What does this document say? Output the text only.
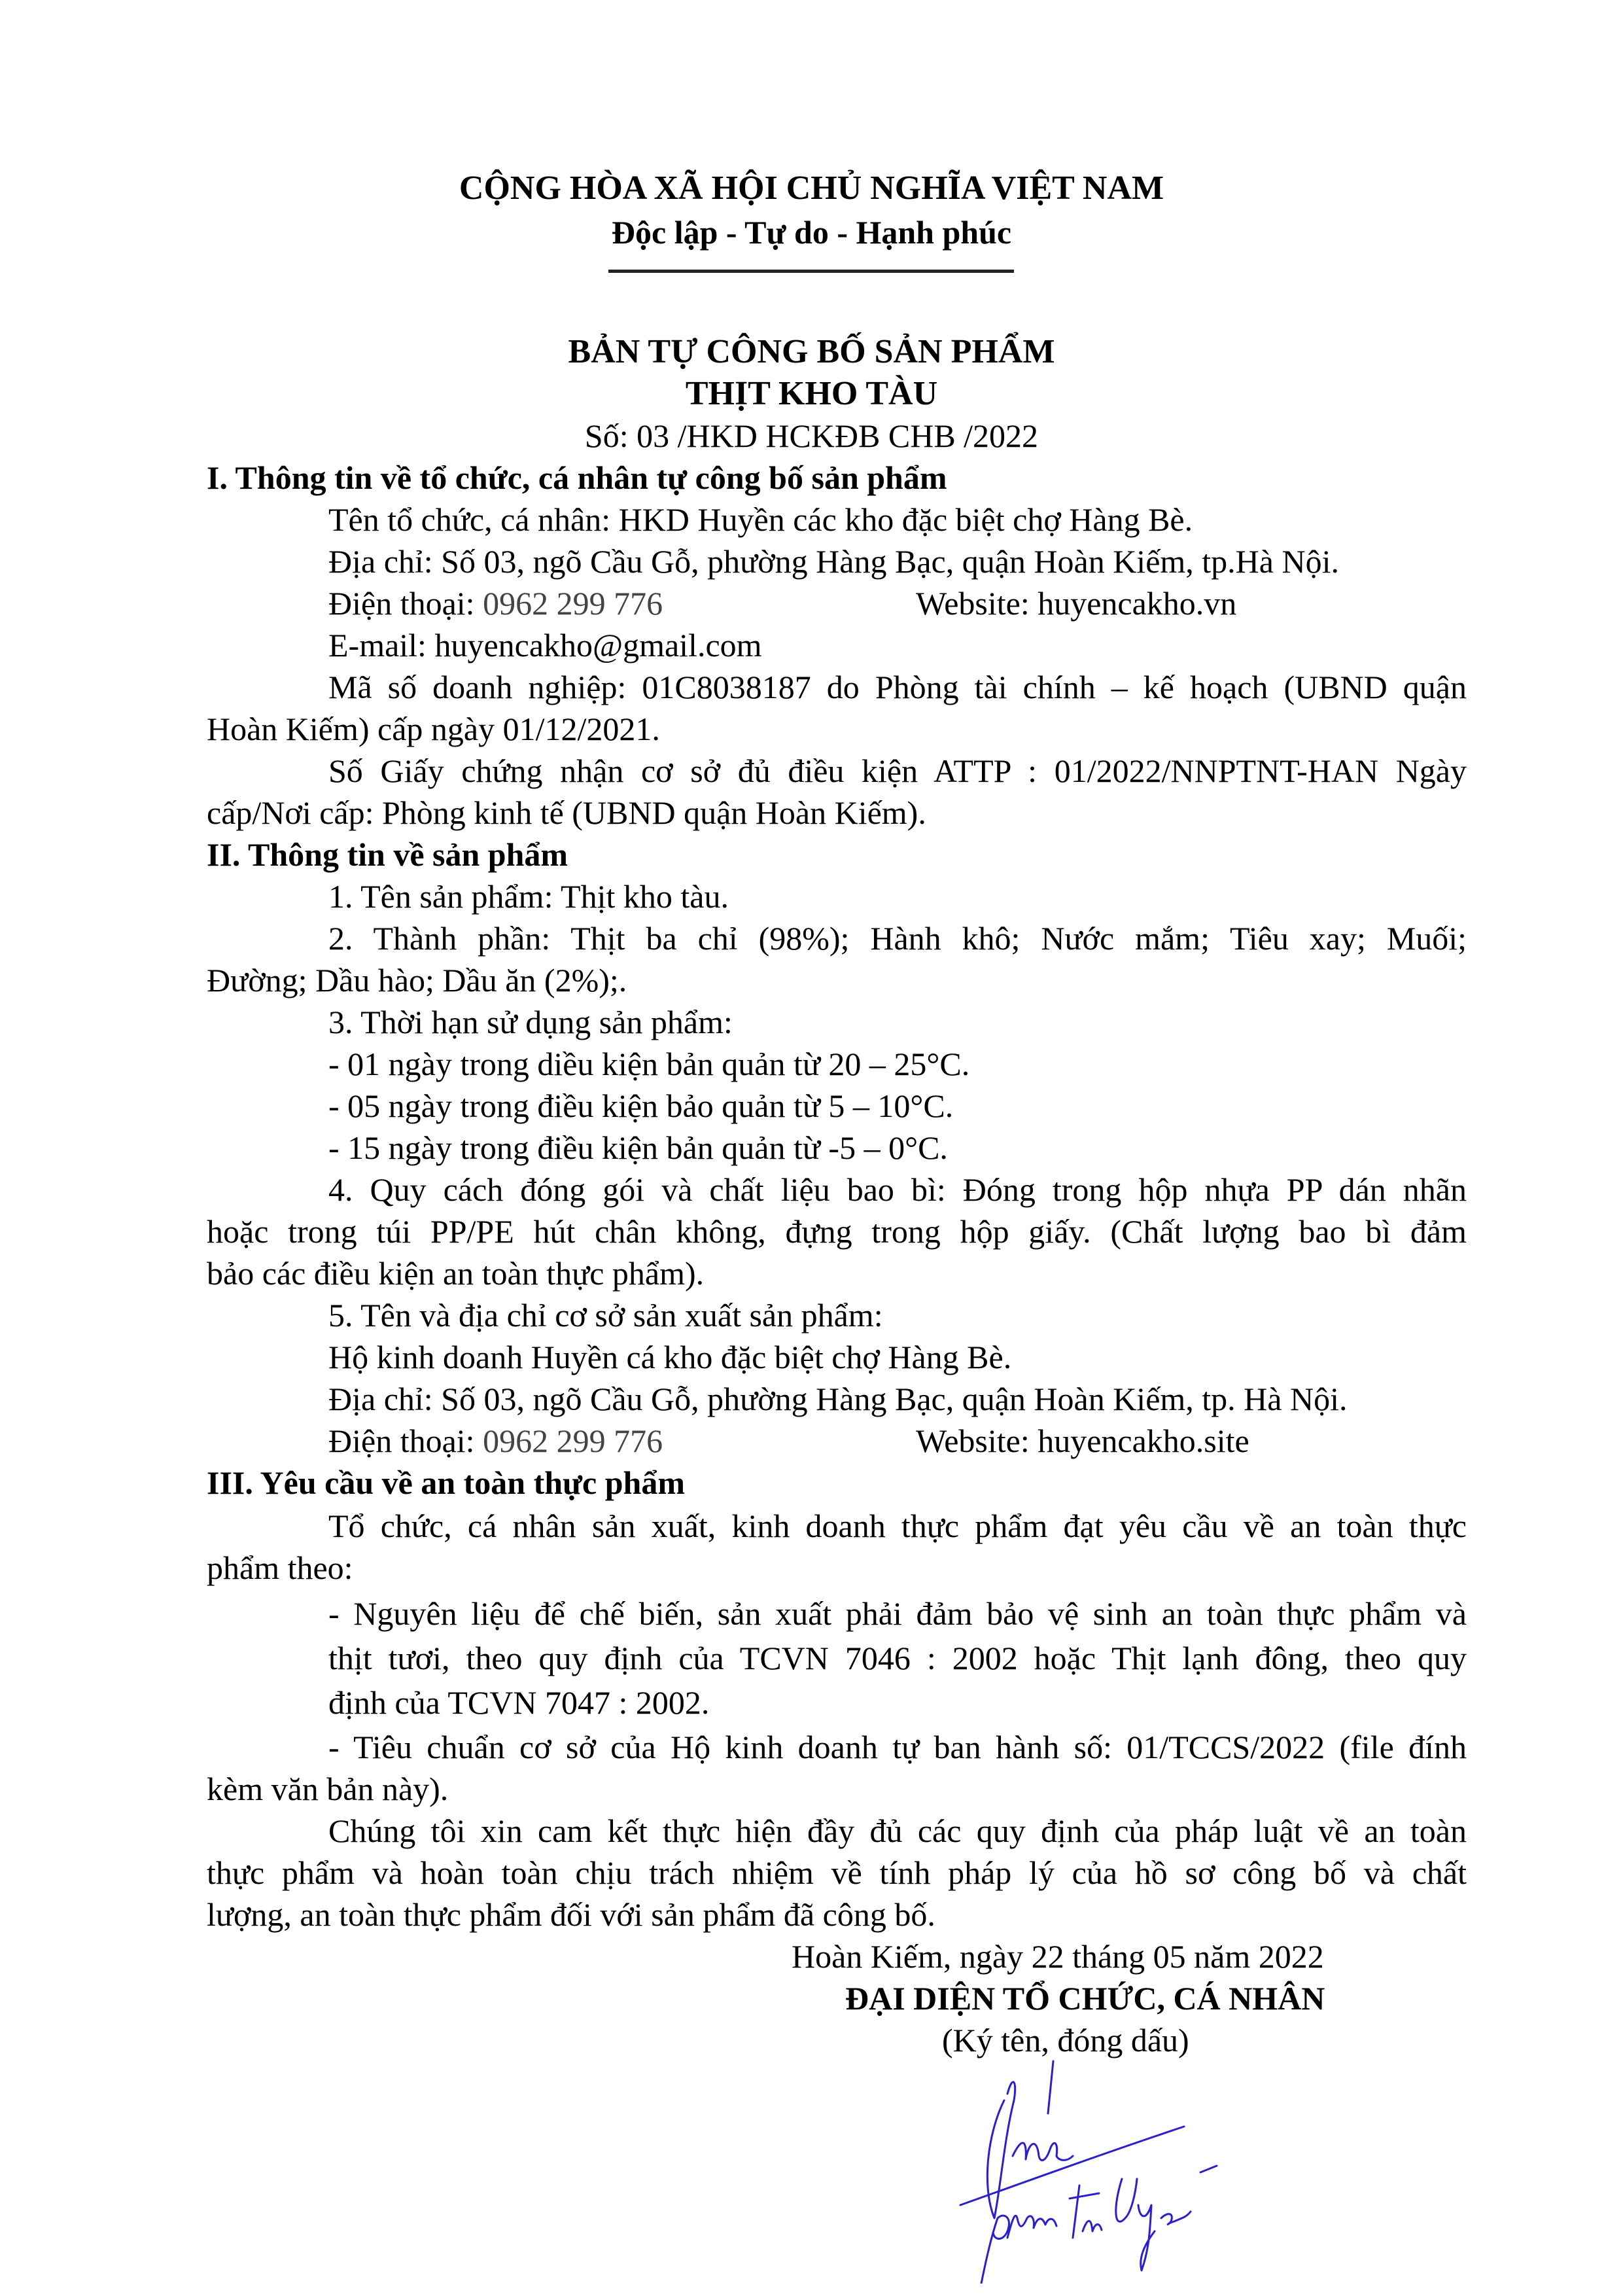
CỘNG HÒA XÃ HỘI CHỦ NGHĨA VIỆT NAM
Độc lập - Tự do - Hạnh phúc
BẢN TỰ CÔNG BỐ SẢN PHẨM
THỊT KHO TÀU
Số: 03 /HKD HCKĐB CHB /2022
I. Thông tin về tổ chức, cá nhân tự công bố sản phẩm
Tên tổ chức, cá nhân: HKD Huyền các kho đặc biệt chợ Hàng Bè.
Địa chỉ: Số 03, ngõ Cầu Gỗ, phường Hàng Bạc, quận Hoàn Kiếm, tp.Hà Nội.
Điện thoại: 0962 299 776	Website: huyencakho.vn
E-mail: huyencakho@gmail.com
Mã số doanh nghiệp: 01C8038187 do Phòng tài chính – kế hoạch (UBND quận
Hoàn Kiếm) cấp ngày 01/12/2021.
Số Giấy chứng nhận cơ sở đủ điều kiện ATTP : 01/2022/NNPTNT-HAN Ngày
cấp/Nơi cấp: Phòng kinh tế (UBND quận Hoàn Kiếm).
II. Thông tin về sản phẩm
1. Tên sản phẩm: Thịt kho tàu.
2. Thành phần: Thịt ba chỉ (98%); Hành khô; Nước mắm; Tiêu xay; Muối;
Đường; Dầu hào; Dầu ăn (2%);.
3. Thời hạn sử dụng sản phẩm:
- 01 ngày trong diều kiện bản quản từ 20 – 25°C.
- 05 ngày trong điều kiện bảo quản từ 5 – 10°C.
- 15 ngày trong điều kiện bản quản từ -5 – 0°C.
4. Quy cách đóng gói và chất liệu bao bì: Đóng trong hộp nhựa PP dán nhãn
hoặc trong túi PP/PE hút chân không, đựng trong hộp giấy. (Chất lượng bao bì đảm
bảo các điều kiện an toàn thực phẩm).
5. Tên và địa chỉ cơ sở sản xuất sản phẩm:
Hộ kinh doanh Huyền cá kho đặc biệt chợ Hàng Bè.
Địa chỉ: Số 03, ngõ Cầu Gỗ, phường Hàng Bạc, quận Hoàn Kiếm, tp. Hà Nội.
Điện thoại: 0962 299 776	Website: huyencakho.site
III. Yêu cầu về an toàn thực phẩm
Tổ chức, cá nhân sản xuất, kinh doanh thực phẩm đạt yêu cầu về an toàn thực
phẩm theo:
- Nguyên liệu để chế biến, sản xuất phải đảm bảo vệ sinh an toàn thực phẩm và
thịt tươi, theo quy định của TCVN 7046 : 2002 hoặc Thịt lạnh đông, theo quy
định của TCVN 7047 : 2002.
- Tiêu chuẩn cơ sở của Hộ kinh doanh tự ban hành số: 01/TCCS/2022 (file đính
kèm văn bản này).
Chúng tôi xin cam kết thực hiện đầy đủ các quy định của pháp luật về an toàn
thực phẩm và hoàn toàn chịu trách nhiệm về tính pháp lý của hồ sơ công bố và chất
lượng, an toàn thực phẩm đối với sản phẩm đã công bố.
Hoàn Kiếm, ngày 22 tháng 05 năm 2022
ĐẠI DIỆN TỔ CHỨC, CÁ NHÂN
(Ký tên, đóng dấu)
